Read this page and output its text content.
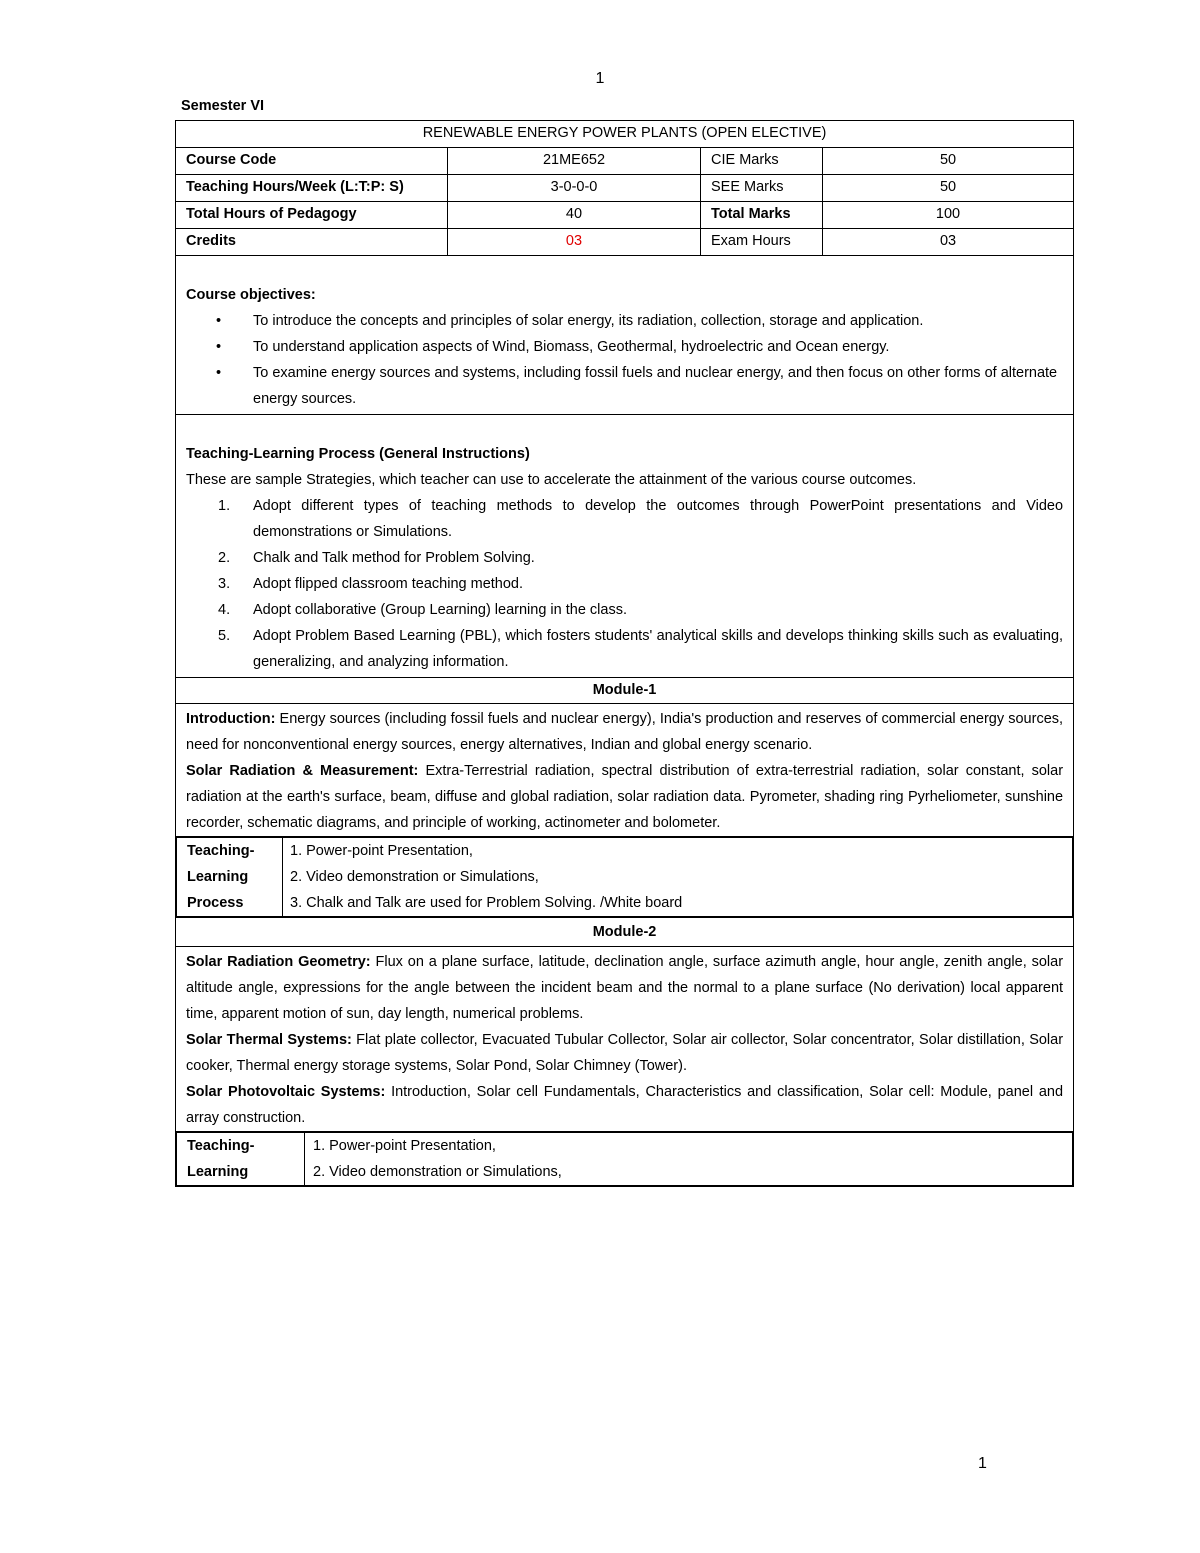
1
Semester VI
RENEWABLE ENERGY POWER PLANTS (OPEN ELECTIVE)
Course Code	21ME652	CIE Marks	50
Teaching Hours/Week (L:T:P: S)	3-0-0-0	SEE Marks	50
Total Hours of Pedagogy	40	Total Marks	100
Credits	03	Exam Hours	03

Course objectives:
• To introduce the concepts and principles of solar energy, its radiation, collection, storage and application.
• To understand application aspects of Wind, Biomass, Geothermal, hydroelectric and Ocean energy.
• To examine energy sources and systems, including fossil fuels and nuclear energy, and then focus on other forms of alternate energy sources.

Teaching-Learning Process (General Instructions)
These are sample Strategies, which teacher can use to accelerate the attainment of the various course outcomes.
1. Adopt different types of teaching methods to develop the outcomes through PowerPoint presentations and Video demonstrations or Simulations.
2. Chalk and Talk method for Problem Solving.
3. Adopt flipped classroom teaching method.
4. Adopt collaborative (Group Learning) learning in the class.
5. Adopt Problem Based Learning (PBL), which fosters students' analytical skills and develops thinking skills such as evaluating, generalizing, and analyzing information.

Module-1

Introduction: Energy sources (including fossil fuels and nuclear energy), India's production and reserves of commercial energy sources, need for nonconventional energy sources, energy alternatives, Indian and global energy scenario.
Solar Radiation & Measurement: Extra-Terrestrial radiation, spectral distribution of extra-terrestrial radiation, solar constant, solar radiation at the earth's surface, beam, diffuse and global radiation, solar radiation data. Pyrometer, shading ring Pyrheliometer, sunshine recorder, schematic diagrams, and principle of working, actinometer and bolometer.

Teaching-
Learning
Process

1. Power-point Presentation,
2. Video demonstration or Simulations,
3. Chalk and Talk are used for Problem Solving. /White board

Module-2

Solar Radiation Geometry: Flux on a plane surface, latitude, declination angle, surface azimuth angle, hour angle, zenith angle, solar altitude angle, expressions for the angle between the incident beam and the normal to a plane surface (No derivation) local apparent time, apparent motion of sun, day length, numerical problems.
Solar Thermal Systems: Flat plate collector, Evacuated Tubular Collector, Solar air collector, Solar concentrator, Solar distillation, Solar cooker, Thermal energy storage systems, Solar Pond, Solar Chimney (Tower).
Solar Photovoltaic Systems: Introduction, Solar cell Fundamentals, Characteristics and classification, Solar cell: Module, panel and array construction.

Teaching-
Learning

1. Power-point Presentation,
2. Video demonstration or Simulations,
1
